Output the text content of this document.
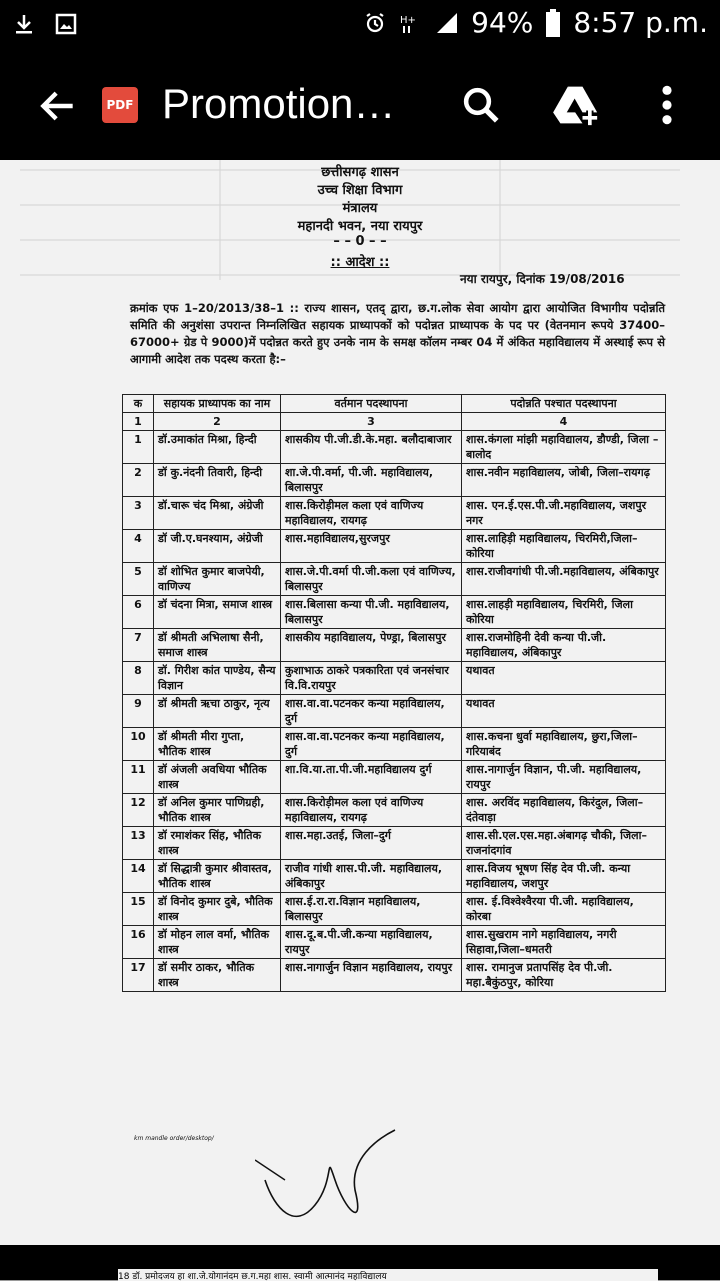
H+ 94% 8:57 p.m.
PDF Promotion…
छत्तीसगढ़ शासन
उच्च शिक्षा विभाग
मंत्रालय
महानदी भवन, नया रायपुर
– – 0 – –
:: आदेश ::
नया रायपुर, दिनांक 19/08/2016
क्रमांक एफ 1–20/2013/38–1 :: राज्य शासन, एतद् द्वारा, छ.ग.लोक सेवा आयोग द्वारा आयोजित विभागीय पदोन्नति समिति की अनुशंसा उपरान्त निम्नलिखित सहायक प्राध्यापकों को पदोन्नत प्राध्यापक के पद पर (वेतनमान रूपये 37400–67000+ ग्रेड पे 9000)में पदोन्नत करते हुए उनके नाम के समक्ष कॉलम नम्बर 04 में अंकित महाविद्यालय में अस्थाई रूप से आगामी आदेश तक पदस्थ करता है:–
क	सहायक प्राध्यापक का नाम	वर्तमान पदस्थापना	पदोन्नति पश्चात पदस्थापना
1	2	3	4
1	डॉ.उमाकांत मिश्रा, हिन्दी	शासकीय पी.जी.डी.के.महा. बलौदाबाजार	शास.कंगला मांझी महाविद्यालय, डौण्डी, जिला –बालोद
2	डॉ कु.नंदनी तिवारी, हिन्दी	शा.जे.पी.वर्मा, पी.जी. महाविद्यालय, बिलासपुर	शास.नवीन महाविद्यालय, जोबी, जिला–रायगढ़
3	डॉ.चारू चंद मिश्रा, अंग्रेजी	शास.किरोड़ीमल कला एवं वाणिज्य महाविद्यालय, रायगढ़	शास. एन.ई.एस.पी.जी.महाविद्यालय, जशपुर नगर
4	डॉ जी.ए.घनश्याम, अंग्रेजी	शास.महाविद्यालय,सुरजपुर	शास.लाहिड़ी महाविद्यालय, चिरमिरी,जिला–कोरिया
5	डॉ शोभित कुमार बाजपेयी, वाणिज्य	शास.जे.पी.वर्मा पी.जी.कला एवं वाणिज्य, बिलासपुर	शास.राजीवगांधी पी.जी.महाविद्यालय, अंबिकापुर
6	डॉ चंदना मित्रा, समाज शास्त्र	शास.बिलासा कन्या पी.जी. महाविद्यालय, बिलासपुर	शास.लाहड़ी महाविद्यालय, चिरमिरी, जिला कोरिया
7	डॉ श्रीमती अभिलाषा सैनी, समाज शास्त्र	शासकीय महाविद्यालय, पेण्ड्रा, बिलासपुर	शास.राजमोहिनी देवी कन्या पी.जी. महाविद्यालय, अंबिकापुर
8	डॉ. गिरीश कांत पाण्डेय, सैन्य विज्ञान	कुशाभाऊ ठाकरे पत्रकारिता एवं जनसंचार वि.वि.रायपुर	यथावत
9	डॉ श्रीमती ऋचा ठाकुर, नृत्य	शास.वा.वा.पटनकर कन्या महाविद्यालय, दुर्ग	यथावत
10	डॉ श्रीमती मीरा गुप्ता, भौतिक शास्त्र	शास.वा.वा.पटनकर कन्या महाविद्यालय, दुर्ग	शास.कचना धुर्वा महाविद्यालय, छुरा,जिला–गरियाबंद
11	डॉ अंजली अवधिया भौतिक शास्त्र	शा.वि.या.ता.पी.जी.महाविद्यालय दुर्ग	शास.नागार्जुन विज्ञान, पी.जी. महाविद्यालय, रायपुर
12	डॉ अनिल कुमार पाणिग्रही, भौतिक शास्त्र	शास.किरोड़ीमल कला एवं वाणिज्य महाविद्यालय, रायगढ़	शास. अरविंद महाविद्यालय, किरंदुल, जिला–दंतेवाड़ा
13	डॉ रमाशंकर सिंह, भौतिक शास्त्र	शास.महा.उतई, जिला–दुर्ग	शास.सी.एल.एस.महा.अंबागढ़ चौकी, जिला–राजनांदगांव
14	डॉ सिद्धात्री कुमार श्रीवास्तव, भौतिक शास्त्र	राजीव गांधी शास.पी.जी. महाविद्यालय, अंबिकापुर	शास.विजय भूषण सिंह देव पी.जी. कन्या महाविद्यालय, जशपुर
15	डॉ विनोद कुमार दुबे, भौतिक शास्त्र	शास.ई.रा.रा.विज्ञान महाविद्यालय, बिलासपुर	शास. ई.विश्वेश्वैरया पी.जी. महाविद्यालय, कोरबा
16	डॉ मोहन लाल वर्मा, भौतिक शास्त्र	शास.दू.ब.पी.जी.कन्या महाविद्यालय, रायपुर	शास.सुखराम नागे महाविद्यालय, नगरी सिहावा,जिला–धमतरी
17	डॉ समीर ठाकर, भौतिक शास्त्र	शास.नागार्जुन विज्ञान महाविद्यालय, रायपुर	शास. रामानुज प्रतापसिंह देव पी.जी. महा.बैकुंठपुर, कोरिया
km mandle order/desktop/
18 डॉ. प्रमोदजय हा शा.जे.योगानंदम छ.ग.महा शास. स्वामी आत्मानंद महाविद्यालय
